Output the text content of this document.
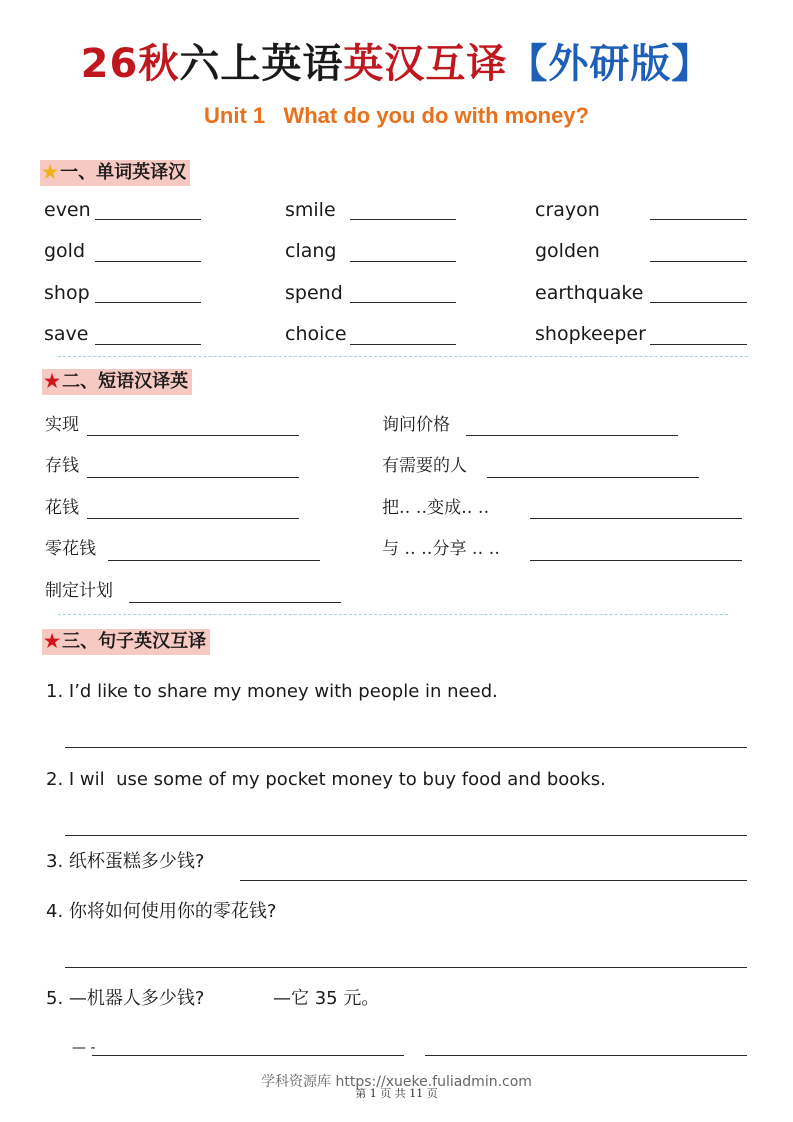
26秋六上英语英汉互译【外研版】
Unit 1   What do you do with money?
★ 一、单词英译汉
even	smile	crayon
gold	clang	golden
shop	spend	earthquake
save	choice	shopkeeper
★ 二、短语汉译英
实现	询问价格
存钱	有需要的人
花钱	把‥ ‥变成‥ ‥
零花钱	与 ‥ ‥分享 ‥ ‥
制定计划
★ 三、句子英汉互译
1. I’d like to share my money with people in need.
2. I wil  use some of my pocket money to buy food and books.
3. 纸杯蛋糕多少钱?
4. 你将如何使用你的零花钱?
5. —机器人多少钱?	—它 35 元。
— -
学科资源库 https://xueke.fuliadmin.com
第 1 页 共 11 页
